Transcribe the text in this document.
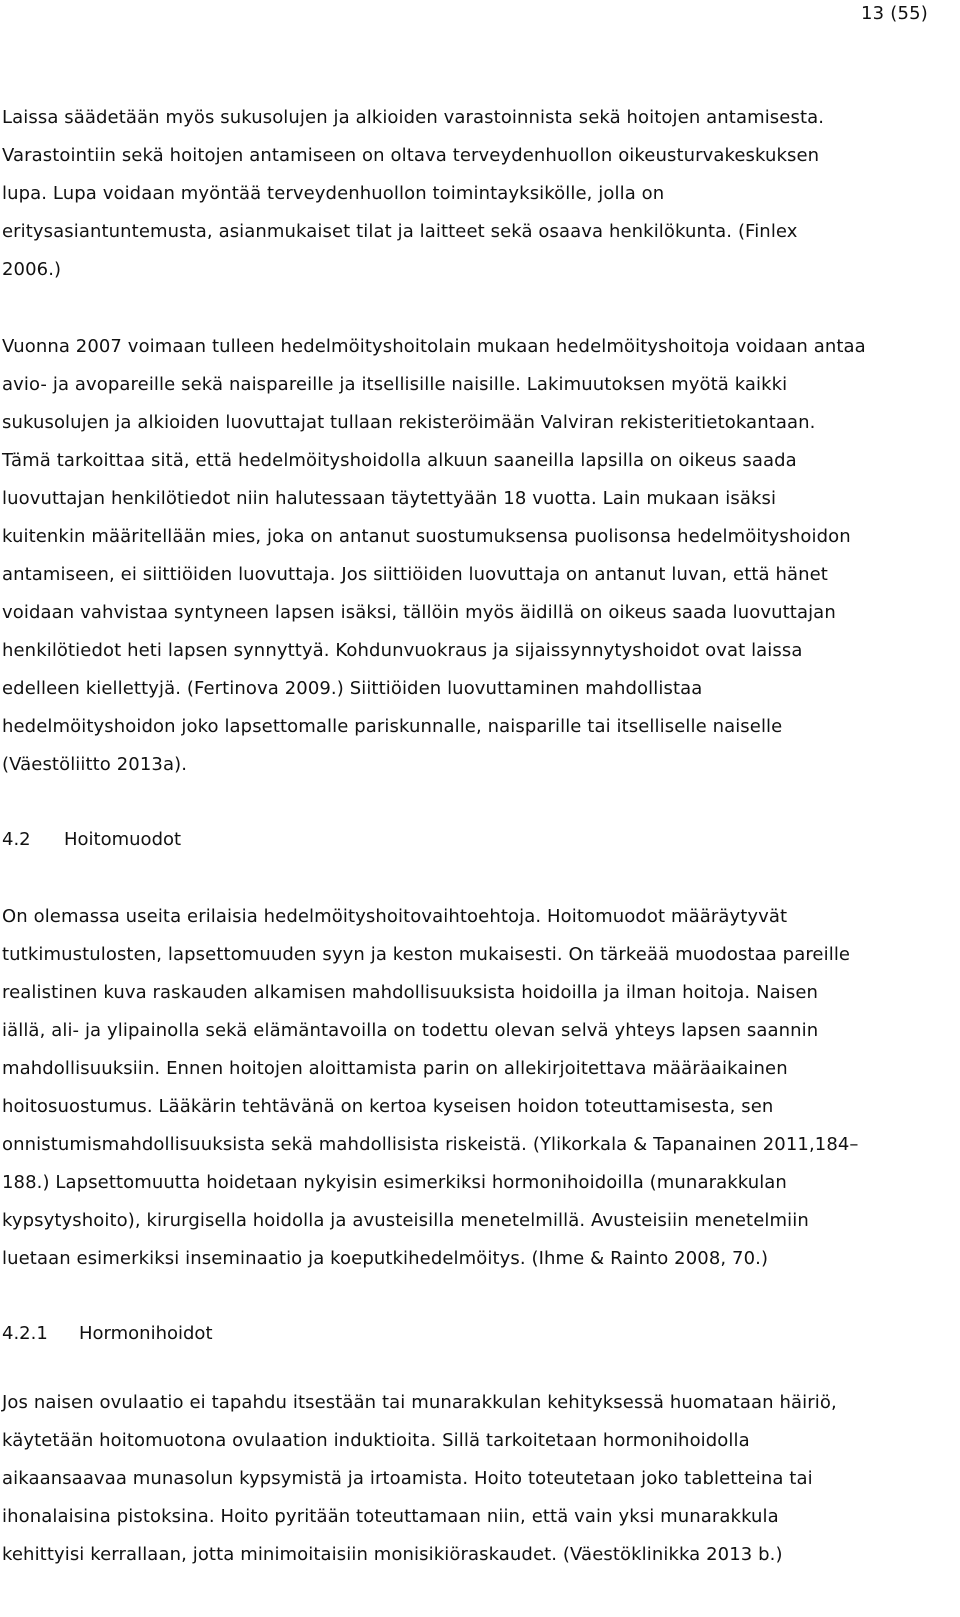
13 (55)
Laissa säädetään myös sukusolujen ja alkioiden varastoinnista sekä hoitojen antamisesta.
Varastointiin sekä hoitojen antamiseen on oltava terveydenhuollon oikeusturvakeskuksen
lupa. Lupa voidaan myöntää terveydenhuollon toimintayksikölle, jolla on
eritysasiantuntemusta, asianmukaiset tilat ja laitteet sekä osaava henkilökunta. (Finlex
2006.)
Vuonna 2007 voimaan tulleen hedelmöityshoitolain mukaan hedelmöityshoitoja voidaan antaa
avio- ja avopareille sekä naispareille ja itsellisille naisille. Lakimuutoksen myötä kaikki
sukusolujen ja alkioiden luovuttajat tullaan rekisteröimään Valviran rekisteritietokantaan.
Tämä tarkoittaa sitä, että hedelmöityshoidolla alkuun saaneilla lapsilla on oikeus saada
luovuttajan henkilötiedot niin halutessaan täytettyään 18 vuotta. Lain mukaan isäksi
kuitenkin määritellään mies, joka on antanut suostumuksensa puolisonsa hedelmöityshoidon
antamiseen, ei siittiöiden luovuttaja. Jos siittiöiden luovuttaja on antanut luvan, että hänet
voidaan vahvistaa syntyneen lapsen isäksi, tällöin myös äidillä on oikeus saada luovuttajan
henkilötiedot heti lapsen synnyttyä. Kohdunvuokraus ja sijaissynnytyshoidot ovat laissa
edelleen kiellettyjä. (Fertinova 2009.) Siittiöiden luovuttaminen mahdollistaa
hedelmöityshoidon joko lapsettomalle pariskunnalle, naisparille tai itselliselle naiselle
(Väestöliitto 2013a).
4.2 Hoitomuodot
On olemassa useita erilaisia hedelmöityshoitovaihtoehtoja. Hoitomuodot määräytyvät
tutkimustulosten, lapsettomuuden syyn ja keston mukaisesti. On tärkeää muodostaa pareille
realistinen kuva raskauden alkamisen mahdollisuuksista hoidoilla ja ilman hoitoja. Naisen
iällä, ali- ja ylipainolla sekä elämäntavoilla on todettu olevan selvä yhteys lapsen saannin
mahdollisuuksiin. Ennen hoitojen aloittamista parin on allekirjoitettava määräaikainen
hoitosuostumus. Lääkärin tehtävänä on kertoa kyseisen hoidon toteuttamisesta, sen
onnistumismahdollisuuksista sekä mahdollisista riskeistä. (Ylikorkala & Tapanainen 2011,184–
188.) Lapsettomuutta hoidetaan nykyisin esimerkiksi hormonihoidoilla (munarakkulan
kypsytyshoito), kirurgisella hoidolla ja avusteisilla menetelmillä. Avusteisiin menetelmiin
luetaan esimerkiksi inseminaatio ja koeputkihedelmöitys. (Ihme & Rainto 2008, 70.)
4.2.1 Hormonihoidot
Jos naisen ovulaatio ei tapahdu itsestään tai munarakkulan kehityksessä huomataan häiriö,
käytetään hoitomuotona ovulaation induktioita. Sillä tarkoitetaan hormonihoidolla
aikaansaavaa munasolun kypsymistä ja irtoamista. Hoito toteutetaan joko tabletteina tai
ihonalaisina pistoksina. Hoito pyritään toteuttamaan niin, että vain yksi munarakkula
kehittyisi kerrallaan, jotta minimoitaisiin monisikiöraskaudet. (Väestöklinikka 2013 b.)
